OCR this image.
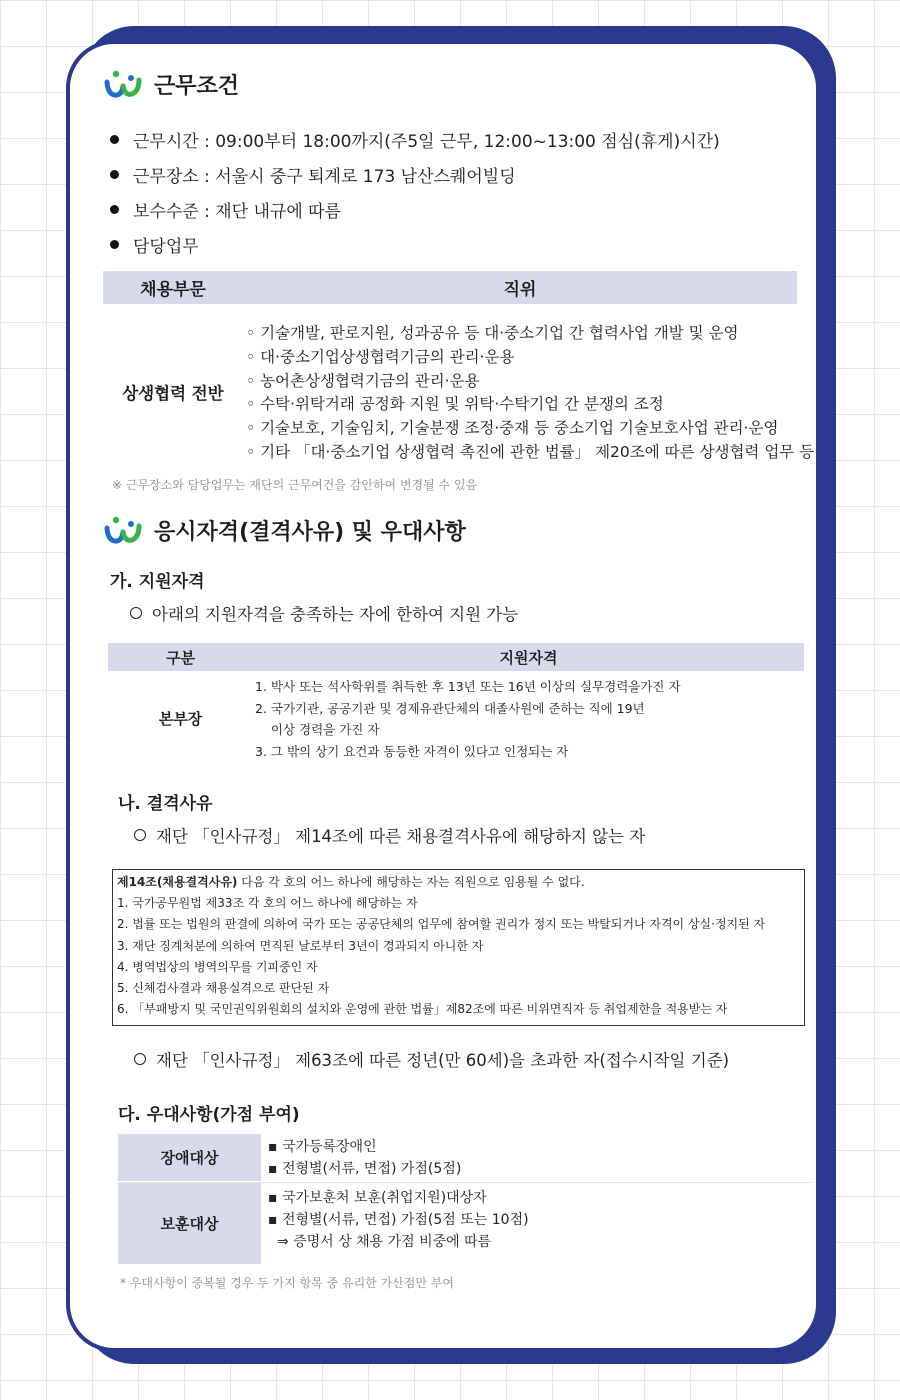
근무조건
근무시간 : 09:00부터 18:00까지(주5일 근무, 12:00~13:00 점심(휴게)시간)
근무장소 : 서울시 중구 퇴계로 173 남산스퀘어빌딩
보수수준 : 재단 내규에 따름
담당업무
채용부문	직위
상생협력 전반
◦ 기술개발, 판로지원, 성과공유 등 대·중소기업 간 협력사업 개발 및 운영
◦ 대·중소기업상생협력기금의 관리·운용
◦ 농어촌상생협력기금의 관리·운용
◦ 수탁·위탁거래 공정화 지원 및 위탁·수탁기업 간 분쟁의 조정
◦ 기술보호, 기술임치, 기술분쟁 조정·중재 등 중소기업 기술보호사업 관리·운영
◦ 기타 「대·중소기업 상생협력 촉진에 관한 법률」 제20조에 따른 상생협력 업무 등
※ 근무장소와 담당업무는 재단의 근무여건을 감안하여 변경될 수 있음
응시자격(결격사유) 및 우대사항
가. 지원자격
아래의 지원자격을 충족하는 자에 한하여 지원 가능
구분	지원자격
본부장
1. 박사 또는 석사학위를 취득한 후 13년 또는 16년 이상의 실무경력을가진 자
2. 국가기관, 공공기관 및 경제유관단체의 대졸사원에 준하는 직에 19년
이상 경력을 가진 자
3. 그 밖의 상기 요건과 동등한 자격이 있다고 인정되는 자
나. 결격사유
재단 「인사규정」 제14조에 따른 채용결격사유에 해당하지 않는 자
제14조(채용결격사유) 다음 각 호의 어느 하나에 해당하는 자는 직원으로 임용될 수 없다.
1. 국가공무원법 제33조 각 호의 어느 하나에 해당하는 자
2. 법률 또는 법원의 판결에 의하여 국가 또는 공공단체의 업무에 참여할 권리가 정지 또는 박탈되거나 자격이 상실·정지된 자
3. 재단 징계처분에 의하여 면직된 날로부터 3년이 경과되지 아니한 자
4. 병역법상의 병역의무를 기피중인 자
5. 신체검사결과 채용실격으로 판단된 자
6. 「부패방지 및 국민권익위원회의 설치와 운영에 관한 법률」제82조에 따른 비위면직자 등 취업제한을 적용받는 자
재단 「인사규정」 제63조에 따른 정년(만 60세)을 초과한 자(접수시작일 기준)
다. 우대사항(가점 부여)
장애대상
▪ 국가등록장애인
▪ 전형별(서류, 면접) 가점(5점)
보훈대상
▪ 국가보훈처 보훈(취업지원)대상자
▪ 전형별(서류, 면접) 가점(5점 또는 10점)
⇒ 증명서 상 채용 가점 비중에 따름
* 우대사항이 중복될 경우 두 가지 항목 중 유리한 가산점만 부여
